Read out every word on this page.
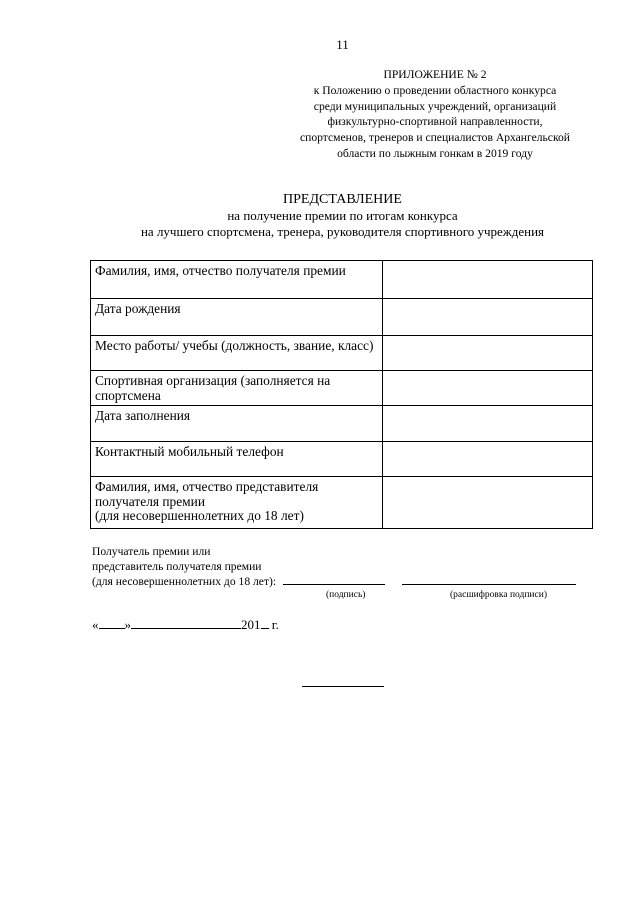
11
ПРИЛОЖЕНИЕ № 2
к Положению о проведении областного конкурса
среди муниципальных учреждений, организаций
физкультурно-спортивной направленности,
спортсменов, тренеров и специалистов Архангельской
области по лыжным гонкам в 2019 году
ПРЕДСТАВЛЕНИЕ
на получение премии по итогам конкурса
на лучшего спортсмена, тренера, руководителя спортивного учреждения
Фамилия, имя, отчество получателя премии	
Дата рождения	
Место работы/ учебы (должность, звание, класс)	
Спортивная организация (заполняется на спортсмена	
Дата заполнения	
Контактный мобильный телефон	
Фамилия, имя, отчество представителя получателя премии
(для несовершеннолетних до 18 лет)	
Получатель премии или
представитель получателя премии
(для несовершеннолетних до 18 лет):
(подпись)	(расшифровка подписи)
« »	201 г.
